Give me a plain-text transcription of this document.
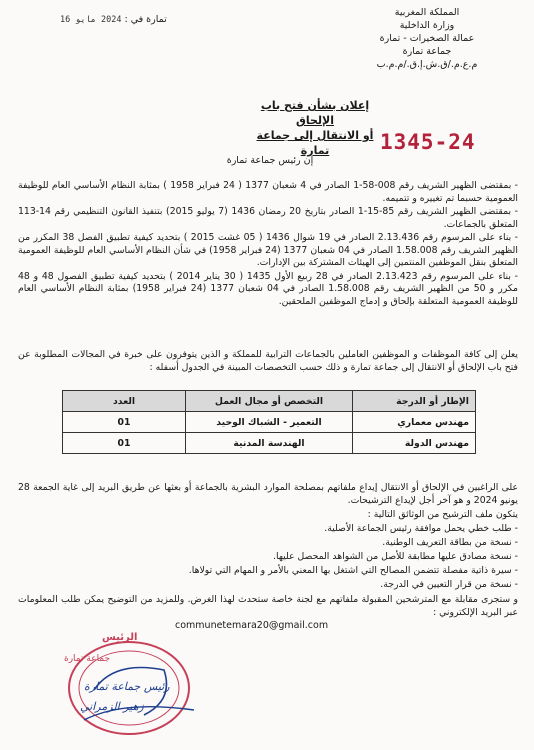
المملكة المغربية
وزارة الداخلية
عمالة الصخيرات - تمارة
جماعة تمارة
م.ع.م./ق.ش.إ.ق./م.م.ب
تمارة في : 2024 مايو 16
إعلان بشأن فتح باب الإلحاق
أو الانتقال إلى جماعة تمارة	1345-24
إن رئيس جماعة تمارة

- بمقتضى الظهير الشريف رقم 008-58-1 الصادر في 4 شعبان 1377 ( 24 فبراير 1958 ) بمثابة النظام الأساسي العام للوظيفة العمومية حسبما تم تغييره و تتميمه.

- بمقتضى الظهير الشريف رقم 85-15-1 الصادر بتاريخ 20 رمضان 1436 (7 يوليو 2015) بتنفيذ القانون التنظيمي رقم 14-113 المتعلق بالجماعات.

- بناء على المرسوم رقم 2.13.436 الصادر في 19 شوال 1436 ( 05 غشت 2015 ) بتحديد كيفية تطبيق الفصل 38 المكرر من الظهير الشريف رقم 1.58.008 الصادر في 04 شعبان 1377 (24 فبراير 1958) في شأن النظام الأساسي العام للوظيفة العمومية المتعلق بنقل الموظفين المنتمين إلى الهيئات المشتركة بين الإدارات.

- بناء على المرسوم رقم 2.13.423 الصادر في 28 ربيع الأول 1435 ( 30 يناير 2014 ) بتحديد كيفية تطبيق الفصول 48 و 48 مكرر و 50 من الظهير الشريف رقم 1.58.008 الصادر في 04 شعبان 1377 (24 فبراير 1958) بمثابة النظام الأساسي العام للوظيفة العمومية المتعلقة بإلحاق و إدماج الموظفين الملحقين.

يعلن إلى كافة الموظفات و الموظفين العاملين بالجماعات الترابية للمملكة و الذين يتوفرون على خبرة في المجالات المطلوبة عن فتح باب الإلحاق أو الانتقال إلى جماعة تمارة و ذلك حسب التخصصات المبينة في الجدول أسفله :
الإطار أو الدرجة	التخصص أو مجال العمل	العدد
مهندس معماري	التعمير - الشباك الوحيد	01
مهندس الدولة	الهندسة المدنية	01
على الراغبين في الإلحاق أو الانتقال إيداع ملفاتهم بمصلحة الموارد البشرية بالجماعة أو بعثها عن طريق البريد إلى غاية الجمعة 28 يونيو 2024 و هو آخر أجل لإيداع الترشيحات.
يتكون ملف الترشيح من الوثائق التالية :
- طلب خطي يحمل موافقة رئيس الجماعة الأصلية.
- نسخة من بطاقة التعريف الوطنية.
- نسخة مصادق عليها مطابقة للأصل من الشواهد المحصل عليها.
- سيرة ذاتية مفصلة تتضمن المصالح التي اشتغل بها المعني بالأمر و المهام التي تولاها.
- نسخة من قرار التعيين في الدرجة.
و ستجرى مقابلة مع المترشحين المقبولة ملفاتهم مع لجنة خاصة ستحدث لهذا الغرض. وللمزيد من التوضيح يمكن طلب المعلومات عبر البريد الإلكتروني :
communetemara20@gmail.com
الرئيس
جماعة تمارة
رئيس جماعة تمارة
زهير الزمراني
